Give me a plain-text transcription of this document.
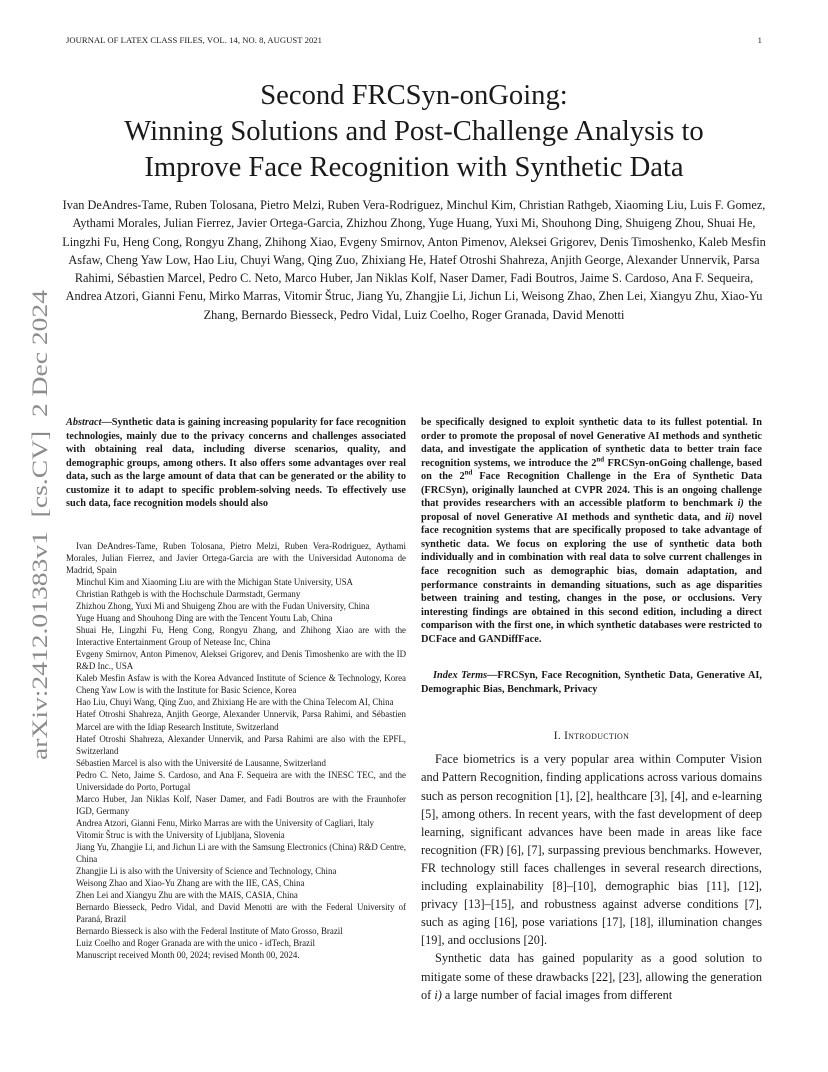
JOURNAL OF LATEX CLASS FILES, VOL. 14, NO. 8, AUGUST 2021	1
Second FRCSyn-onGoing:
Winning Solutions and Post-Challenge Analysis to
Improve Face Recognition with Synthetic Data
Ivan DeAndres-Tame, Ruben Tolosana, Pietro Melzi, Ruben Vera-Rodriguez, Minchul Kim, Christian Rathgeb, Xiaoming Liu, Luis F. Gomez, Aythami Morales, Julian Fierrez, Javier Ortega-Garcia, Zhizhou Zhong, Yuge Huang, Yuxi Mi, Shouhong Ding, Shuigeng Zhou, Shuai He, Lingzhi Fu, Heng Cong, Rongyu Zhang, Zhihong Xiao, Evgeny Smirnov, Anton Pimenov, Aleksei Grigorev, Denis Timoshenko, Kaleb Mesfin Asfaw, Cheng Yaw Low, Hao Liu, Chuyi Wang, Qing Zuo, Zhixiang He, Hatef Otroshi Shahreza, Anjith George, Alexander Unnervik, Parsa Rahimi, Sébastien Marcel, Pedro C. Neto, Marco Huber, Jan Niklas Kolf, Naser Damer, Fadi Boutros, Jaime S. Cardoso, Ana F. Sequeira, Andrea Atzori, Gianni Fenu, Mirko Marras, Vitomir Štruc, Jiang Yu, Zhangjie Li, Jichun Li, Weisong Zhao, Zhen Lei, Xiangyu Zhu, Xiao-Yu Zhang, Bernardo Biesseck, Pedro Vidal, Luiz Coelho, Roger Granada, David Menotti
arXiv:2412.01383v1  [cs.CV]  2 Dec 2024 Abstract—Synthetic data is gaining increasing popularity for face recognition technologies, mainly due to the privacy concerns and challenges associated with obtaining real data, including diverse scenarios, quality, and demographic groups, among others. It also offers some advantages over real data, such as the large amount of data that can be generated or the ability to customize it to adapt to specific problem-solving needs. To effectively use such data, face recognition models should also

Ivan DeAndres-Tame, Ruben Tolosana, Pietro Melzi, Ruben Vera-Rodriguez, Aythami Morales, Julian Fierrez, and Javier Ortega-Garcia are with the Universidad Autonoma de Madrid, Spain

Minchul Kim and Xiaoming Liu are with the Michigan State University, USA

Christian Rathgeb is with the Hochschule Darmstadt, Germany

Zhizhou Zhong, Yuxi Mi and Shuigeng Zhou are with the Fudan University, China

Yuge Huang and Shouhong Ding are with the Tencent Youtu Lab, China

Shuai He, Lingzhi Fu, Heng Cong, Rongyu Zhang, and Zhihong Xiao are with the Interactive Entertainment Group of Netease Inc, China

Evgeny Smirnov, Anton Pimenov, Aleksei Grigorev, and Denis Timoshenko are with the ID R&D Inc., USA

Kaleb Mesfin Asfaw is with the Korea Advanced Institute of Science & Technology, Korea Cheng Yaw Low is with the Institute for Basic Science, Korea

Hao Liu, Chuyi Wang, Qing Zuo, and Zhixiang He are with the China Telecom AI, China

Hatef Otroshi Shahreza, Anjith George, Alexander Unnervik, Parsa Rahimi, and Sébastien Marcel are with the Idiap Research Institute, Switzerland

Hatef Otroshi Shahreza, Alexander Unnervik, and Parsa Rahimi are also with the EPFL, Switzerland

Sébastien Marcel is also with the Université de Lausanne, Switzerland

Pedro C. Neto, Jaime S. Cardoso, and Ana F. Sequeira are with the INESC TEC, and the Universidade do Porto, Portugal

Marco Huber, Jan Niklas Kolf, Naser Damer, and Fadi Boutros are with the Fraunhofer IGD, Germany

Andrea Atzori, Gianni Fenu, Mirko Marras are with the University of Cagliari, Italy

Vitomir Štruc is with the University of Ljubljana, Slovenia

Jiang Yu, Zhangjie Li, and Jichun Li are with the Samsung Electronics (China) R&D Centre, China

Zhangjie Li is also with the University of Science and Technology, China

Weisong Zhao and Xiao-Yu Zhang are with the IIE, CAS, China

Zhen Lei and Xiangyu Zhu are with the MAIS, CASIA, China

Bernardo Biesseck, Pedro Vidal, and David Menotti are with the Federal University of Paraná, Brazil

Bernardo Biesseck is also with the Federal Institute of Mato Grosso, Brazil

Luiz Coelho and Roger Granada are with the unico - idTech, Brazil

Manuscript received Month 00, 2024; revised Month 00, 2024.

be specifically designed to exploit synthetic data to its fullest potential. In order to promote the proposal of novel Generative AI methods and synthetic data, and investigate the application of synthetic data to better train face recognition systems, we introduce the 2nd FRCSyn-onGoing challenge, based on the 2nd Face Recognition Challenge in the Era of Synthetic Data (FRCSyn), originally launched at CVPR 2024. This is an ongoing challenge that provides researchers with an accessible platform to benchmark i) the proposal of novel Generative AI methods and synthetic data, and ii) novel face recognition systems that are specifically proposed to take advantage of synthetic data. We focus on exploring the use of synthetic data both individually and in combination with real data to solve current challenges in face recognition such as demographic bias, domain adaptation, and performance constraints in demanding situations, such as age disparities between training and testing, changes in the pose, or occlusions. Very interesting findings are obtained in this second edition, including a direct comparison with the first one, in which synthetic databases were restricted to DCFace and GANDiffFace.
Index Terms—FRCSyn, Face Recognition, Synthetic Data, Generative AI, Demographic Bias, Benchmark, Privacy
I. Introduction

Face biometrics is a very popular area within Computer Vision and Pattern Recognition, finding applications across various domains such as person recognition [1], [2], healthcare [3], [4], and e-learning [5], among others. In recent years, with the fast development of deep learning, significant advances have been made in areas like face recognition (FR) [6], [7], surpassing previous benchmarks. However, FR technology still faces challenges in several research directions, including explainability [8]–[10], demographic bias [11], [12], privacy [13]–[15], and robustness against adverse conditions [7], such as aging [16], pose variations [17], [18], illumination changes [19], and occlusions [20].

Synthetic data has gained popularity as a good solution to mitigate some of these drawbacks [22], [23], allowing the generation of i) a large number of facial images from different
